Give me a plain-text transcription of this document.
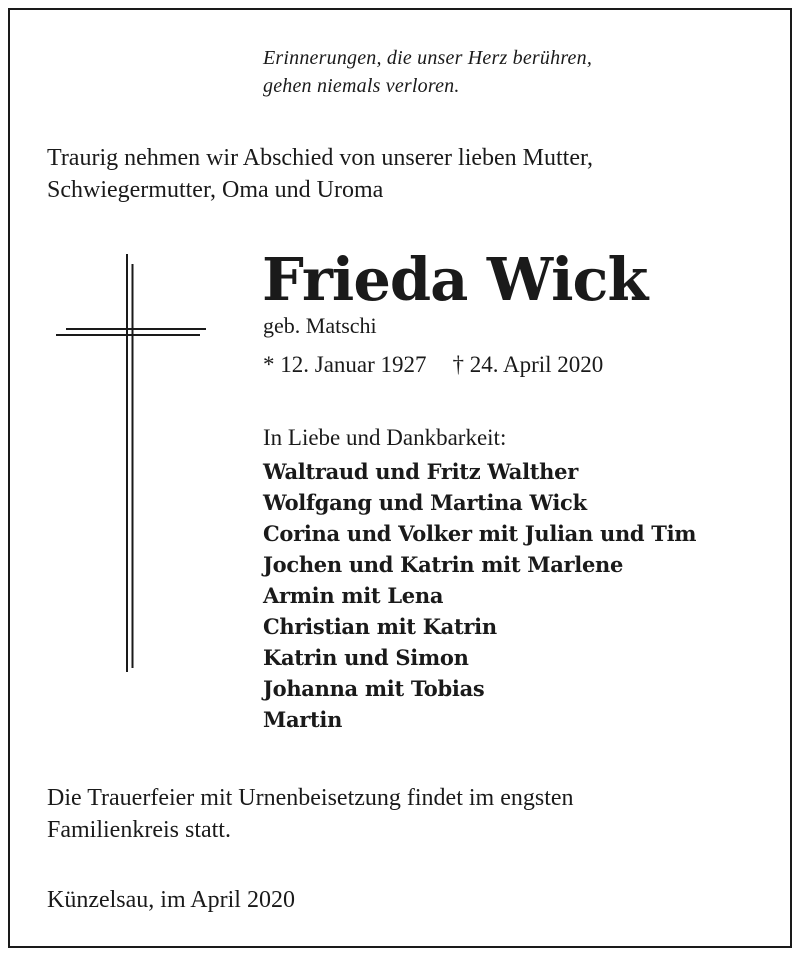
Erinnerungen, die unser Herz berühren,
gehen niemals verloren.

Traurig nehmen wir Abschied von unserer lieben Mutter,
Schwiegermutter, Oma und Uroma

Frieda Wick

geb. Matschi

* 12. Januar 1927 † 24. April 2020

In Liebe und Dankbarkeit:

Waltraud und Fritz Walther
Wolfgang und Martina Wick
Corina und Volker mit Julian und Tim
Jochen und Katrin mit Marlene
Armin mit Lena
Christian mit Katrin
Katrin und Simon
Johanna mit Tobias
Martin

Die Trauerfeier mit Urnenbeisetzung findet im engsten
Familienkreis statt.

Künzelsau, im April 2020
